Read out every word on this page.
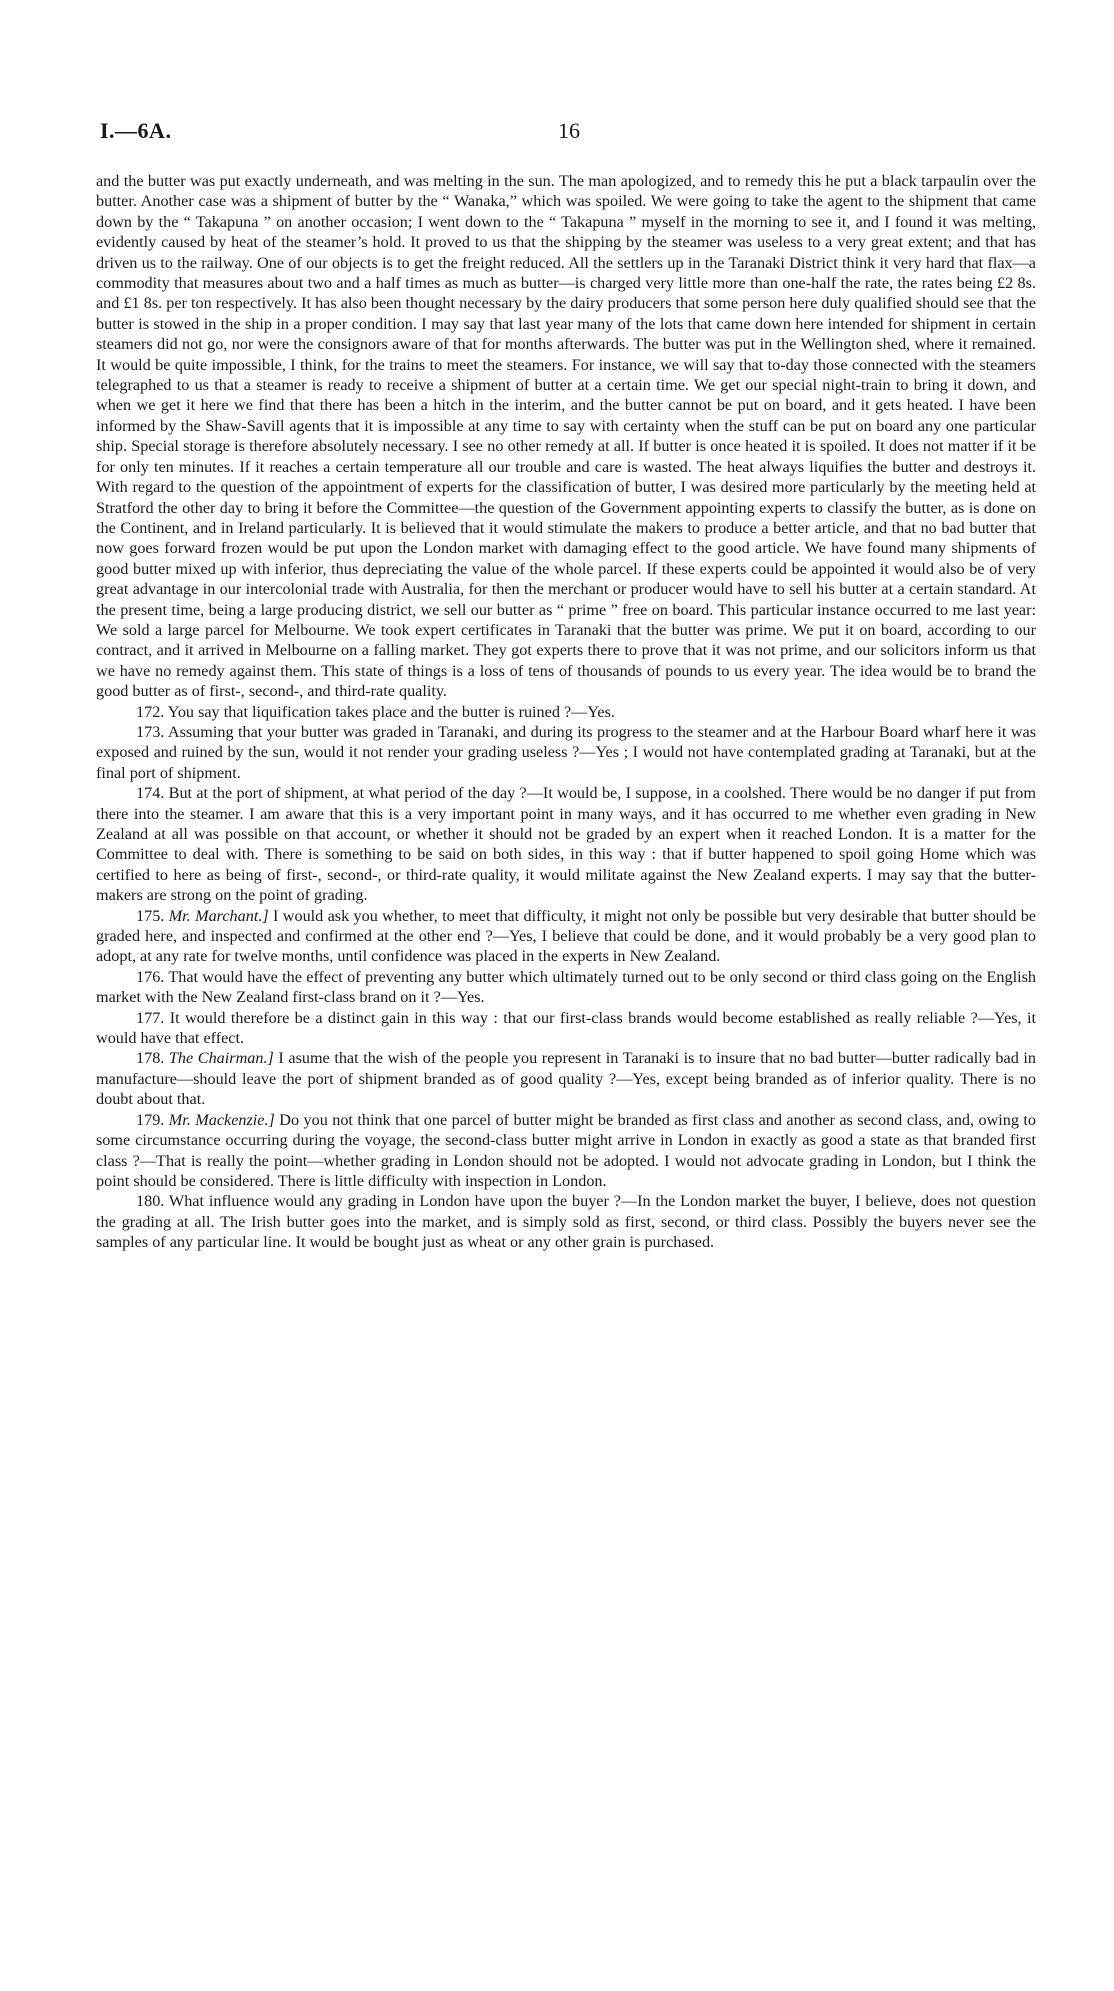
I.—6A.	16

and the butter was put exactly underneath, and was melting in the sun. The man apologized, and to remedy this he put a black tarpaulin over the butter. Another case was a shipment of butter by the “ Wanaka,” which was spoiled. We were going to take the agent to the shipment that came down by the “ Takapuna ” on another occasion; I went down to the “ Takapuna ” myself in the morning to see it, and I found it was melting, evidently caused by heat of the steamer’s hold. It proved to us that the shipping by the steamer was useless to a very great extent; and that has driven us to the railway. One of our objects is to get the freight reduced. All the settlers up in the Taranaki District think it very hard that flax—a commodity that measures about two and a half times as much as butter—is charged very little more than one-half the rate, the rates being £2 8s. and £1 8s. per ton respectively. It has also been thought necessary by the dairy producers that some person here duly qualified should see that the butter is stowed in the ship in a proper condition. I may say that last year many of the lots that came down here intended for shipment in certain steamers did not go, nor were the consignors aware of that for months afterwards. The butter was put in the Wellington shed, where it remained. It would be quite impossible, I think, for the trains to meet the steamers. For instance, we will say that to-day those connected with the steamers telegraphed to us that a steamer is ready to receive a shipment of butter at a certain time. We get our special night-train to bring it down, and when we get it here we find that there has been a hitch in the interim, and the butter cannot be put on board, and it gets heated. I have been informed by the Shaw-Savill agents that it is impossible at any time to say with certainty when the stuff can be put on board any one particular ship. Special storage is therefore absolutely necessary. I see no other remedy at all. If butter is once heated it is spoiled. It does not matter if it be for only ten minutes. If it reaches a certain temperature all our trouble and care is wasted. The heat always liquifies the butter and destroys it. With regard to the question of the appointment of experts for the classification of butter, I was desired more particularly by the meeting held at Stratford the other day to bring it before the Committee—the question of the Government appointing experts to classify the butter, as is done on the Continent, and in Ireland particularly. It is believed that it would stimulate the makers to produce a better article, and that no bad butter that now goes forward frozen would be put upon the London market with damaging effect to the good article. We have found many shipments of good butter mixed up with inferior, thus depreciating the value of the whole parcel. If these experts could be appointed it would also be of very great advantage in our intercolonial trade with Australia, for then the merchant or producer would have to sell his butter at a certain standard. At the present time, being a large producing district, we sell our butter as “ prime ” free on board. This particular instance occurred to me last year: We sold a large parcel for Melbourne. We took expert certificates in Taranaki that the butter was prime. We put it on board, according to our contract, and it arrived in Melbourne on a falling market. They got experts there to prove that it was not prime, and our solicitors inform us that we have no remedy against them. This state of things is a loss of tens of thousands of pounds to us every year. The idea would be to brand the good butter as of first-, second-, and third-rate quality.

172. You say that liquification takes place and the butter is ruined ?—Yes.

173. Assuming that your butter was graded in Taranaki, and during its progress to the steamer and at the Harbour Board wharf here it was exposed and ruined by the sun, would it not render your grading useless ?—Yes ; I would not have contemplated grading at Taranaki, but at the final port of shipment.

174. But at the port of shipment, at what period of the day ?—It would be, I suppose, in a coolshed. There would be no danger if put from there into the steamer. I am aware that this is a very important point in many ways, and it has occurred to me whether even grading in New Zealand at all was possible on that account, or whether it should not be graded by an expert when it reached London. It is a matter for the Committee to deal with. There is something to be said on both sides, in this way : that if butter happened to spoil going Home which was certified to here as being of first-, second-, or third-rate quality, it would militate against the New Zealand experts. I may say that the butter-makers are strong on the point of grading.

175. Mr. Marchant.] I would ask you whether, to meet that difficulty, it might not only be possible but very desirable that butter should be graded here, and inspected and confirmed at the other end ?—Yes, I believe that could be done, and it would probably be a very good plan to adopt, at any rate for twelve months, until confidence was placed in the experts in New Zealand.

176. That would have the effect of preventing any butter which ultimately turned out to be only second or third class going on the English market with the New Zealand first-class brand on it ?—Yes.

177. It would therefore be a distinct gain in this way : that our first-class brands would become established as really reliable ?—Yes, it would have that effect.

178. The Chairman.] I asume that the wish of the people you represent in Taranaki is to insure that no bad butter—butter radically bad in manufacture—should leave the port of shipment branded as of good quality ?—Yes, except being branded as of inferior quality. There is no doubt about that.

179. Mr. Mackenzie.] Do you not think that one parcel of butter might be branded as first class and another as second class, and, owing to some circumstance occurring during the voyage, the second-class butter might arrive in London in exactly as good a state as that branded first class ?—That is really the point—whether grading in London should not be adopted. I would not advocate grading in London, but I think the point should be considered. There is little difficulty with inspection in London.

180. What influence would any grading in London have upon the buyer ?—In the London market the buyer, I believe, does not question the grading at all. The Irish butter goes into the market, and is simply sold as first, second, or third class. Possibly the buyers never see the samples of any particular line. It would be bought just as wheat or any other grain is purchased.
